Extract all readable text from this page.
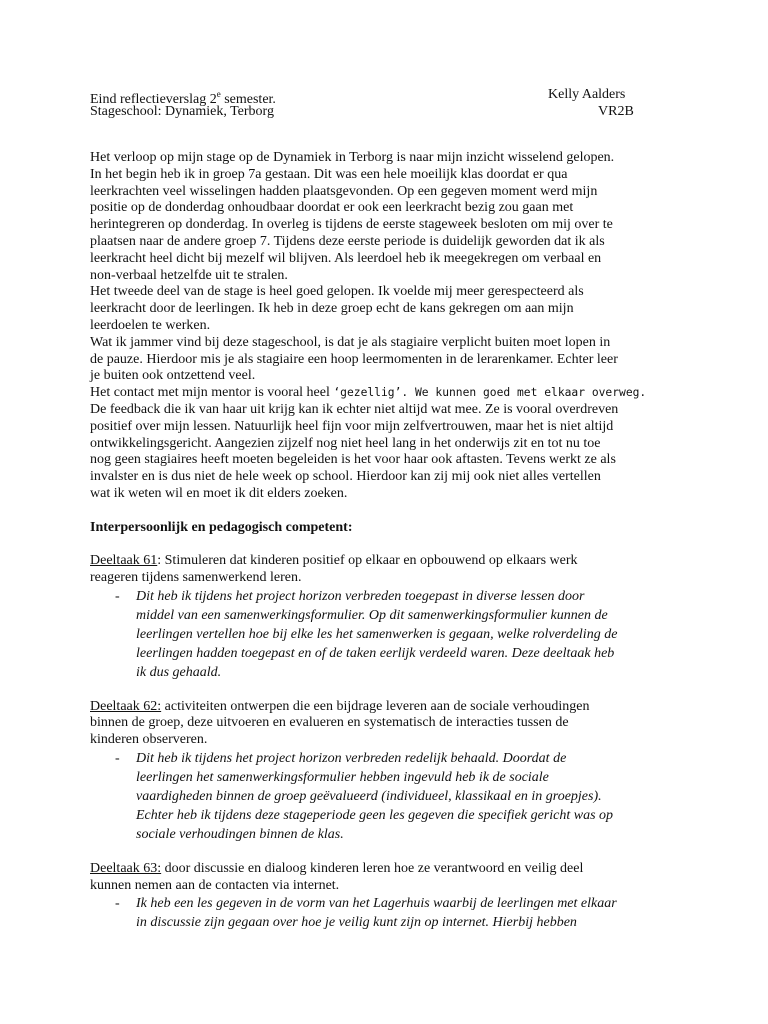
Eind reflectieverslag 2e semester.	Kelly Aalders
Stageschool: Dynamiek, Terborg	VR2B
Het verloop op mijn stage op de Dynamiek in Terborg is naar mijn inzicht wisselend gelopen.
In het begin heb ik in groep 7a gestaan. Dit was een hele moeilijk klas doordat er qua
leerkrachten veel wisselingen hadden plaatsgevonden. Op een gegeven moment werd mijn
positie op de donderdag onhoudbaar doordat er ook een leerkracht bezig zou gaan met
herintegreren op donderdag. In overleg is tijdens de eerste stageweek besloten om mij over te
plaatsen naar de andere groep 7. Tijdens deze eerste periode is duidelijk geworden dat ik als
leerkracht heel dicht bij mezelf wil blijven. Als leerdoel heb ik meegekregen om verbaal en
non-verbaal hetzelfde uit te stralen.
Het tweede deel van de stage is heel goed gelopen. Ik voelde mij meer gerespecteerd als
leerkracht door de leerlingen. Ik heb in deze groep echt de kans gekregen om aan mijn
leerdoelen te werken.
Wat ik jammer vind bij deze stageschool, is dat je als stagiaire verplicht buiten moet lopen in
de pauze. Hierdoor mis je als stagiaire een hoop leermomenten in de lerarenkamer. Echter leer
je buiten ook ontzettend veel.
Het contact met mijn mentor is vooral heel ‘gezellig’. We kunnen goed met elkaar overweg.
De feedback die ik van haar uit krijg kan ik echter niet altijd wat mee. Ze is vooral overdreven
positief over mijn lessen. Natuurlijk heel fijn voor mijn zelfvertrouwen, maar het is niet altijd
ontwikkelingsgericht. Aangezien zijzelf nog niet heel lang in het onderwijs zit en tot nu toe
nog geen stagiaires heeft moeten begeleiden is het voor haar ook aftasten. Tevens werkt ze als
invalster en is dus niet de hele week op school. Hierdoor kan zij mij ook niet alles vertellen
wat ik weten wil en moet ik dit elders zoeken.
Interpersoonlijk en pedagogisch competent:
Deeltaak 61: Stimuleren dat kinderen positief op elkaar en opbouwend op elkaars werk
reageren tijdens samenwerkend leren.
- Dit heb ik tijdens het project horizon verbreden toegepast in diverse lessen door
middel van een samenwerkingsformulier. Op dit samenwerkingsformulier kunnen de
leerlingen vertellen hoe bij elke les het samenwerken is gegaan, welke rolverdeling de
leerlingen hadden toegepast en of de taken eerlijk verdeeld waren. Deze deeltaak heb
ik dus gehaald.
Deeltaak 62: activiteiten ontwerpen die een bijdrage leveren aan de sociale verhoudingen
binnen de groep, deze uitvoeren en evalueren en systematisch de interacties tussen de
kinderen observeren.
- Dit heb ik tijdens het project horizon verbreden redelijk behaald. Doordat de
leerlingen het samenwerkingsformulier hebben ingevuld heb ik de sociale
vaardigheden binnen de groep geëvalueerd (individueel, klassikaal en in groepjes).
Echter heb ik tijdens deze stageperiode geen les gegeven die specifiek gericht was op
sociale verhoudingen binnen de klas.
Deeltaak 63: door discussie en dialoog kinderen leren hoe ze verantwoord en veilig deel
kunnen nemen aan de contacten via internet.
- Ik heb een les gegeven in de vorm van het Lagerhuis waarbij de leerlingen met elkaar
in discussie zijn gegaan over hoe je veilig kunt zijn op internet. Hierbij hebben
